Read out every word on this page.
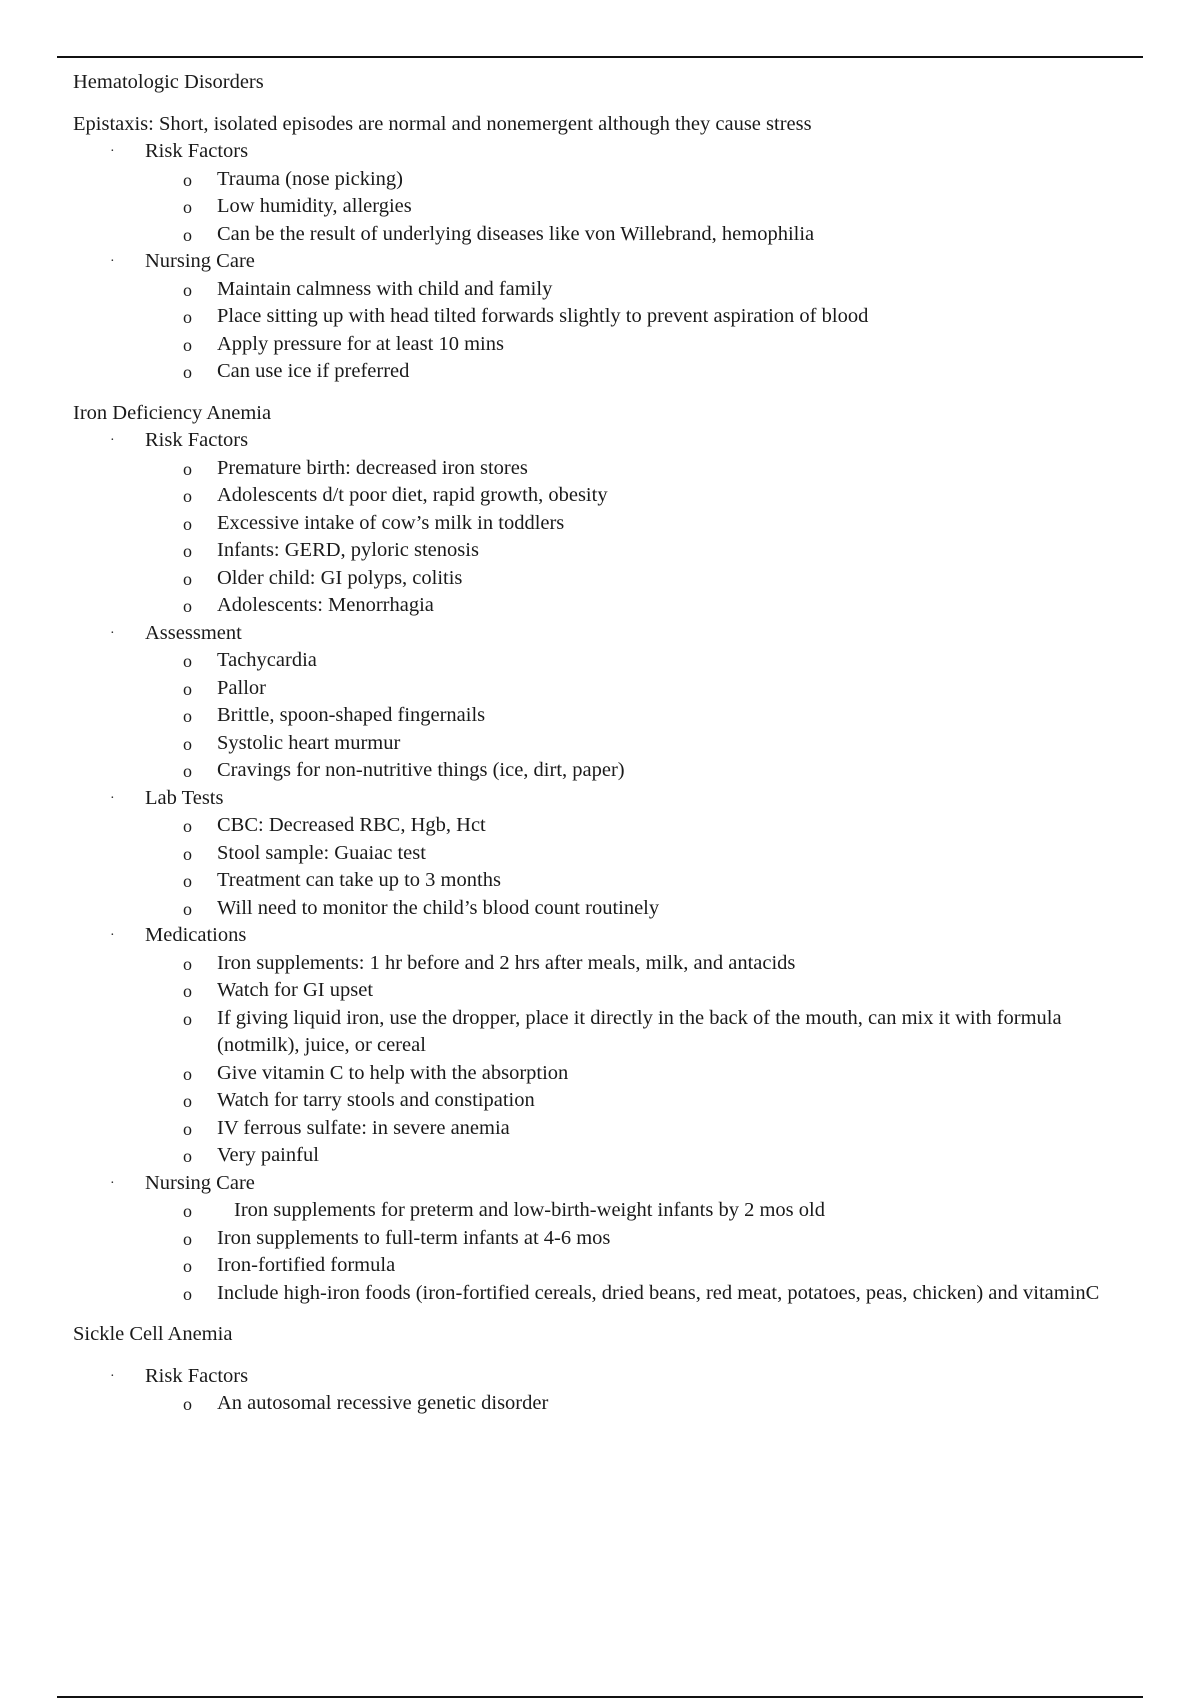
Hematologic Disorders
Epistaxis: Short, isolated episodes are normal and nonemergent although they cause stress
· Risk Factors
o Trauma (nose picking)
o Low humidity, allergies
o Can be the result of underlying diseases like von Willebrand, hemophilia
· Nursing Care
o Maintain calmness with child and family
o Place sitting up with head tilted forwards slightly to prevent aspiration of blood
o Apply pressure for at least 10 mins
o Can use ice if preferred
Iron Deficiency Anemia
· Risk Factors
o Premature birth: decreased iron stores
o Adolescents d/t poor diet, rapid growth, obesity
o Excessive intake of cow’s milk in toddlers
o Infants: GERD, pyloric stenosis
o Older child: GI polyps, colitis
o Adolescents: Menorrhagia
· Assessment
o Tachycardia
o Pallor
o Brittle, spoon-shaped fingernails
o Systolic heart murmur
o Cravings for non-nutritive things (ice, dirt, paper)
· Lab Tests
o CBC: Decreased RBC, Hgb, Hct
o Stool sample: Guaiac test
o Treatment can take up to 3 months
o Will need to monitor the child’s blood count routinely
· Medications
o Iron supplements: 1 hr before and 2 hrs after meals, milk, and antacids
o Watch for GI upset
o If giving liquid iron, use the dropper, place it directly in the back of the mouth, can mix it with formula (notmilk), juice, or cereal
o Give vitamin C to help with the absorption
o Watch for tarry stools and constipation
o IV ferrous sulfate: in severe anemia
o Very painful
· Nursing Care
o Iron supplements for preterm and low-birth-weight infants by 2 mos old
o Iron supplements to full-term infants at 4-6 mos
o Iron-fortified formula
o Include high-iron foods (iron-fortified cereals, dried beans, red meat, potatoes, peas, chicken) and vitaminC
Sickle Cell Anemia
· Risk Factors
o An autosomal recessive genetic disorder
